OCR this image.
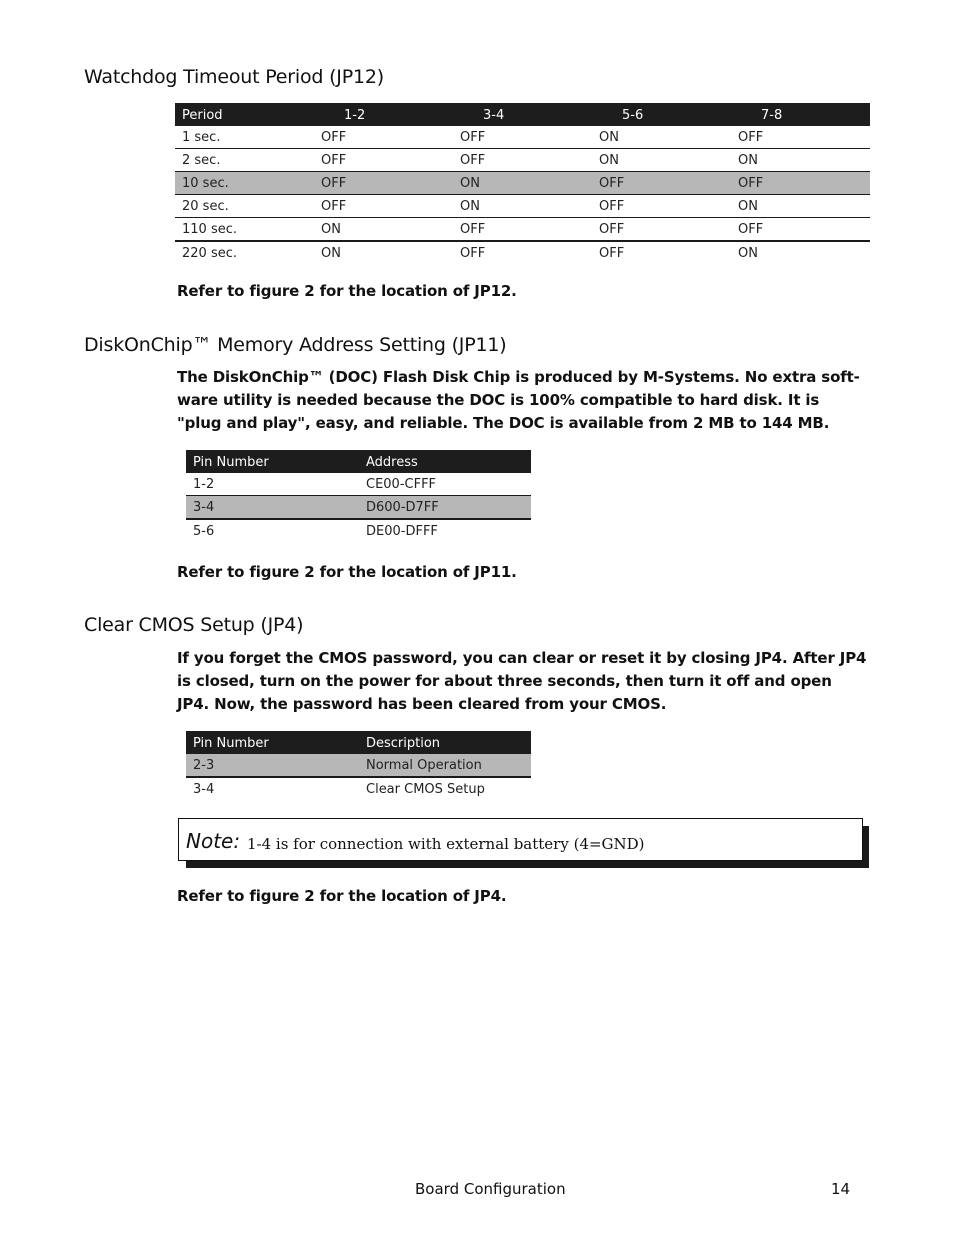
Watchdog Timeout Period (JP12)
Period	1-2	3-4	5-6	7-8
1 sec.	OFF	OFF	ON	OFF
2 sec.	OFF	OFF	ON	ON
10 sec.	OFF	ON	OFF	OFF
20 sec.	OFF	ON	OFF	ON
110 sec.	ON	OFF	OFF	OFF
220 sec.	ON	OFF	OFF	ON

Refer to figure 2 for the location of JP12.

DiskOnChip™ Memory Address Setting (JP11)

The DiskOnChip™ (DOC) Flash Disk Chip is produced by M-Systems. No extra soft-ware utility is needed because the DOC is 100% compatible to hard disk. It is "plug and play", easy, and reliable. The DOC is available from 2 MB to 144 MB.

Pin Number	Address
1-2	CE00-CFFF
3-4	D600-D7FF
5-6	DE00-DFFF

Refer to figure 2 for the location of JP11.

Clear CMOS Setup (JP4)

If you forget the CMOS password, you can clear or reset it by closing JP4. After JP4 is closed, turn on the power for about three seconds, then turn it off and open JP4. Now, the password has been cleared from your CMOS.

Pin Number	Description
2-3	Normal Operation
3-4	Clear CMOS Setup
Note: 1-4 is for connection with external battery (4=GND)

Refer to figure 2 for the location of JP4.

Board Configuration	14
